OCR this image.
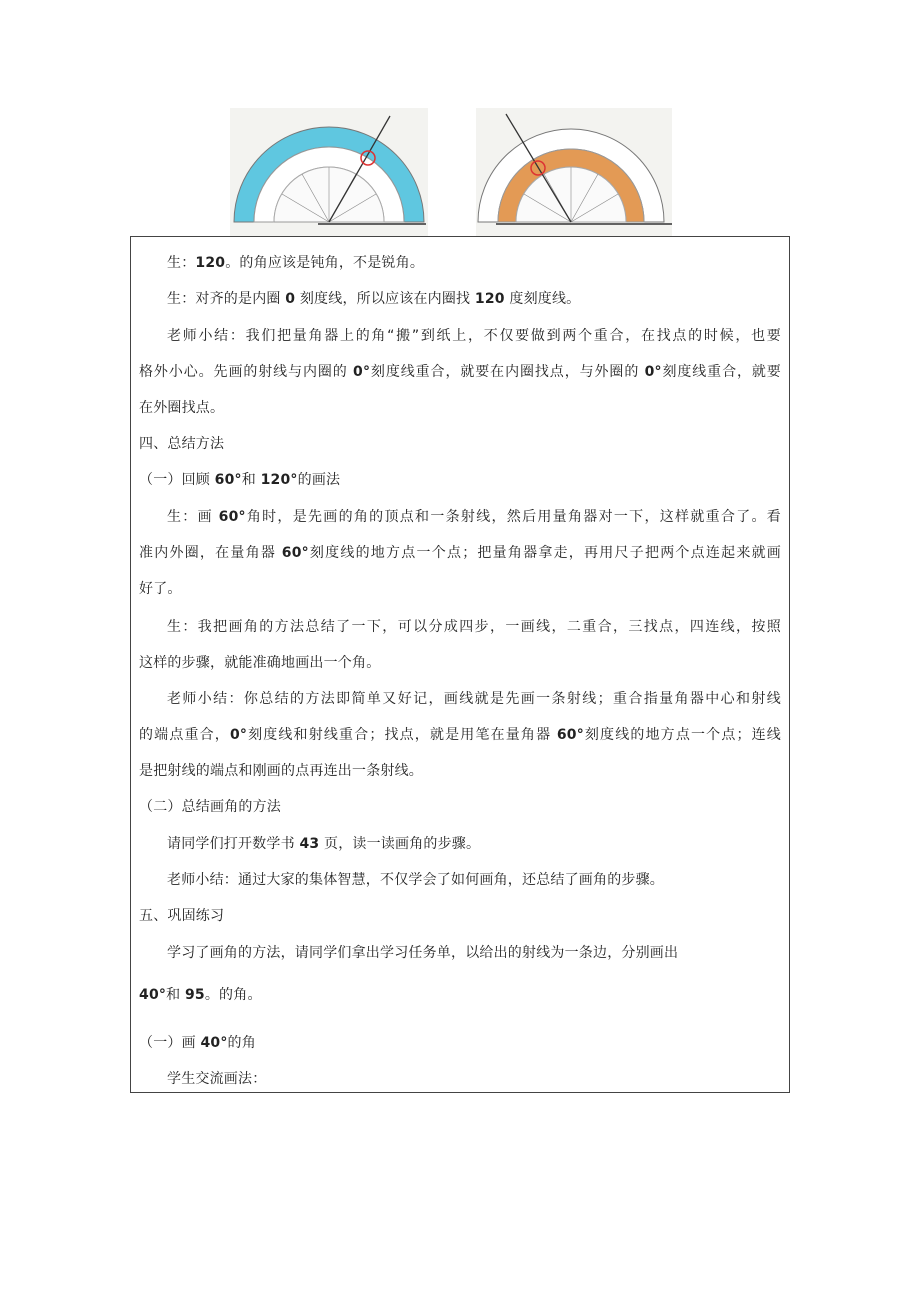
生：120。的角应该是钝角，不是锐角。
生：对齐的是内圈 0 刻度线，所以应该在内圈找 120 度刻度线。
老师小结：我们把量角器上的角“搬”到纸上，不仅要做到两个重合，在找点的时候，也要
格外小心。先画的射线与内圈的 0°刻度线重合，就要在内圈找点，与外圈的 0°刻度线重合，就要
在外圈找点。
四、总结方法
（一）回顾 60°和 120°的画法
生：画 60°角时，是先画的角的顶点和一条射线，然后用量角器对一下，这样就重合了。看
准内外圈，在量角器 60°刻度线的地方点一个点；把量角器拿走，再用尺子把两个点连起来就画
好了。
生：我把画角的方法总结了一下，可以分成四步，一画线，二重合，三找点，四连线，按照
这样的步骤，就能准确地画出一个角。
老师小结：你总结的方法即简单又好记，画线就是先画一条射线；重合指量角器中心和射线
的端点重合，0°刻度线和射线重合；找点，就是用笔在量角器 60°刻度线的地方点一个点；连线
是把射线的端点和刚画的点再连出一条射线。
（二）总结画角的方法
请同学们打开数学书 43 页，读一读画角的步骤。
老师小结：通过大家的集体智慧，不仅学会了如何画角，还总结了画角的步骤。
五、巩固练习
学习了画角的方法，请同学们拿出学习任务单，以给出的射线为一条边，分别画出
40°和 95。的角。
（一）画 40°的角
学生交流画法：
